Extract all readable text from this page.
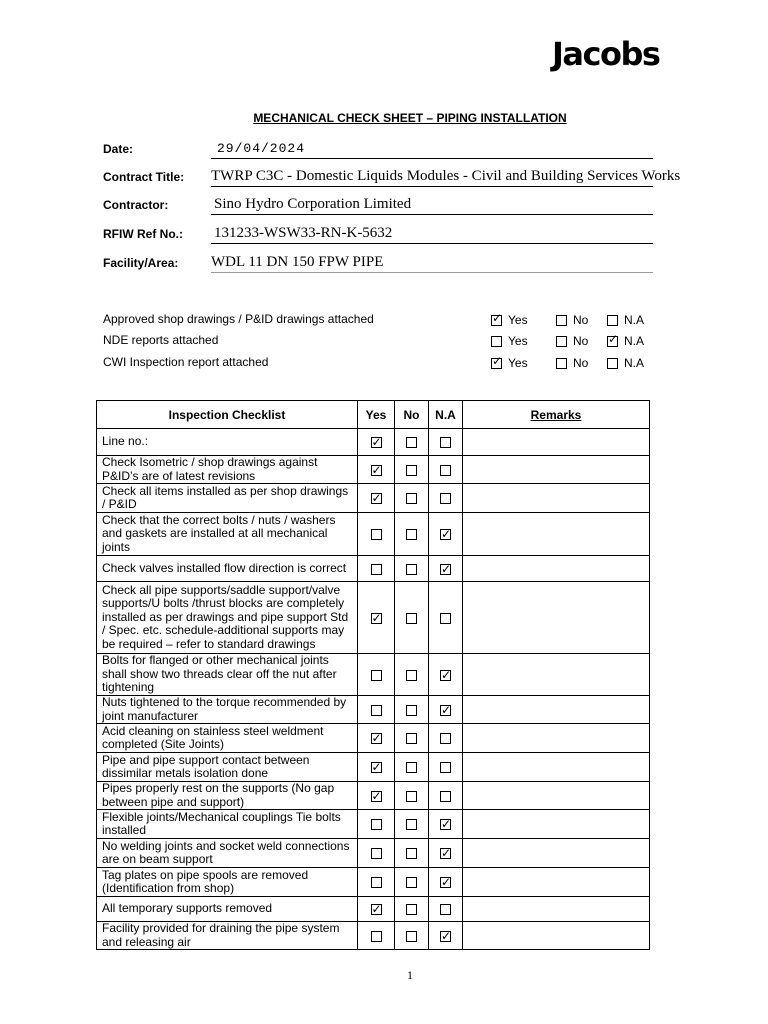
Jacobs
MECHANICAL CHECK SHEET – PIPING INSTALLATION
Date:	29/04/2024
Contract Title: TWRP C3C - Domestic Liquids Modules - Civil and Building Services Works
Contractor:	Sino Hydro Corporation Limited
RFIW Ref No.: 131233-WSW33-RN-K-5632
Facility/Area: WDL 11 DN 150 FPW PIPE
Approved shop drawings / P&ID drawings attached ✓	Yes	No	N.A
NDE reports attached	Yes	No ✓	N.A
CWI Inspection report attached ✓	Yes	No	N.A
Inspection Checklist	Yes	No	N.A	Remarks
Line no.:	✓			
Check Isometric / shop drawings against P&ID’s are of latest revisions	✓			
Check all items installed as per shop drawings / P&ID	✓			
Check that the correct bolts / nuts / washers and gaskets are installed at all mechanical joints			✓	
Check valves installed flow direction is correct			✓	
Check all pipe supports/saddle support/valve supports/U bolts /thrust blocks are completely installed as per drawings and pipe support Std / Spec. etc. schedule-additional supports may be required – refer to standard drawings	✓			
Bolts for flanged or other mechanical joints shall show two threads clear off the nut after tightening			✓	
Nuts tightened to the torque recommended by joint manufacturer			✓	
Acid cleaning on stainless steel weldment completed (Site Joints)	✓			
Pipe and pipe support contact between dissimilar metals isolation done	✓			
Pipes properly rest on the supports (No gap between pipe and support)	✓			
Flexible joints/Mechanical couplings Tie bolts installed			✓	
No welding joints and socket weld connections are on beam support			✓	
Tag plates on pipe spools are removed (Identification from shop)			✓	
All temporary supports removed	✓			
Facility provided for draining the pipe system and releasing air			✓	
1
